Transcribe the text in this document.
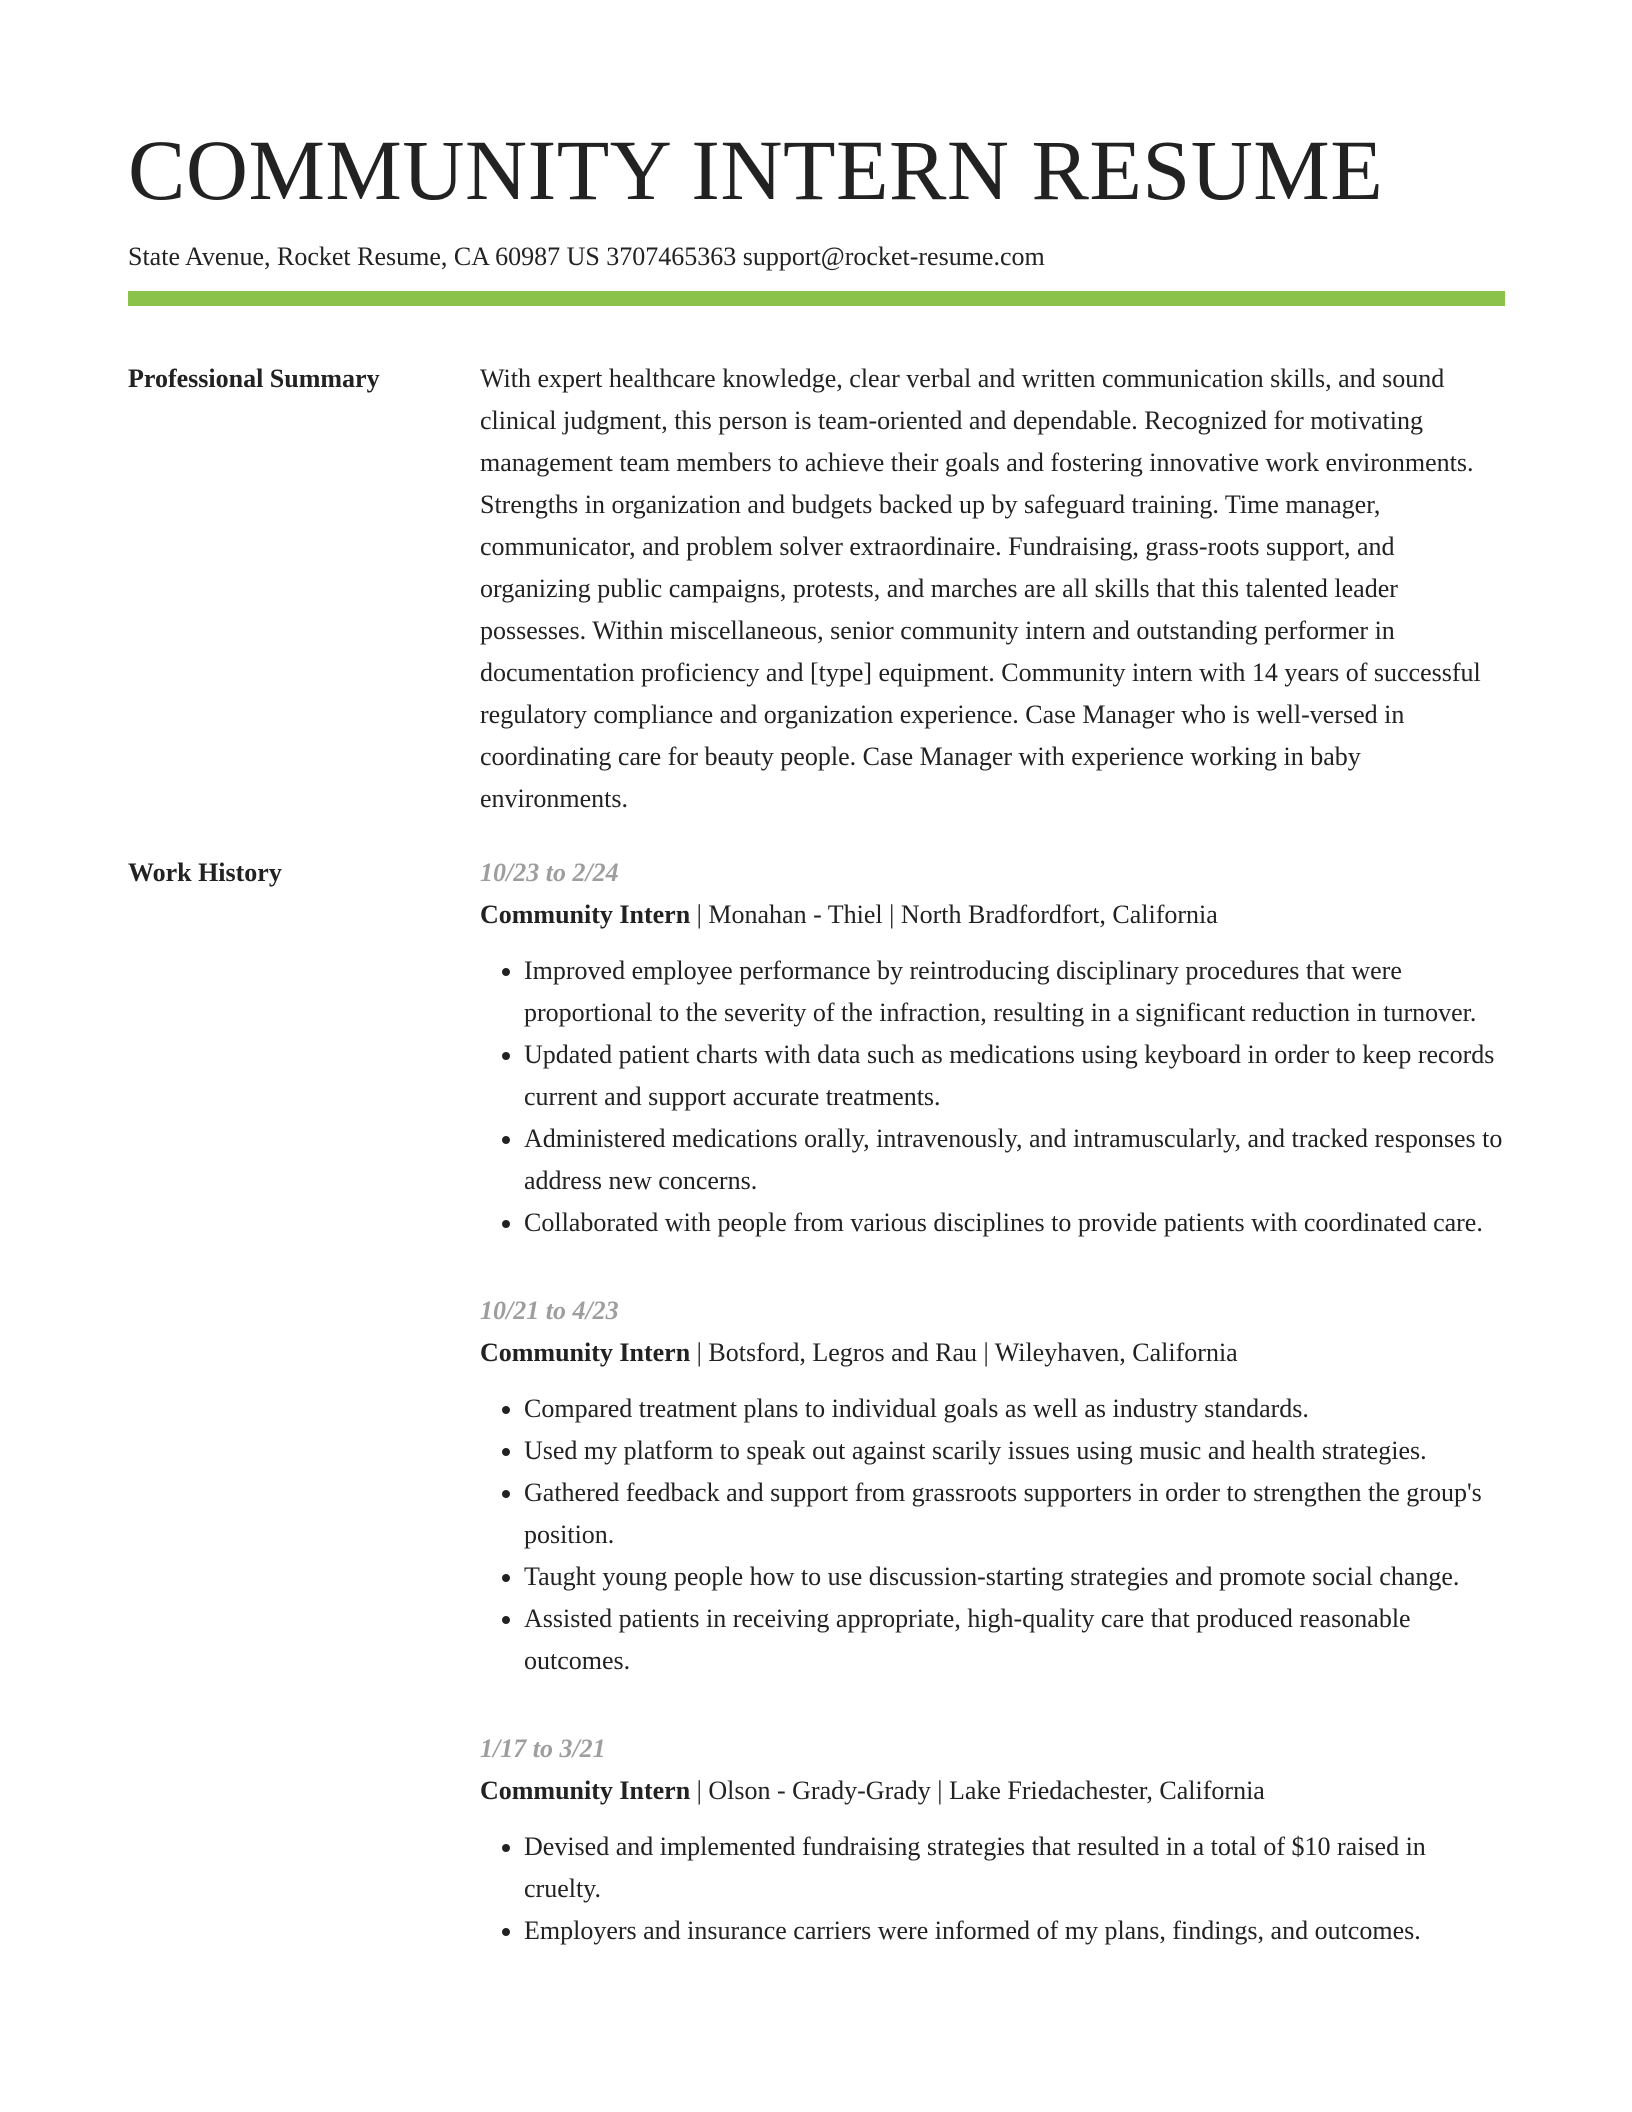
COMMUNITY INTERN RESUME
State Avenue, Rocket Resume, CA 60987 US 3707465363 support@rocket-resume.com
Professional Summary	With expert healthcare knowledge, clear verbal and written communication skills, and sound clinical judgment, this person is team-oriented and dependable. Recognized for motivating management team members to achieve their goals and fostering innovative work environments. Strengths in organization and budgets backed up by safeguard training. Time manager, communicator, and problem solver extraordinaire. Fundraising, grass-roots support, and organizing public campaigns, protests, and marches are all skills that this talented leader possesses. Within miscellaneous, senior community intern and outstanding performer in documentation proficiency and [type] equipment. Community intern with 14 years of successful regulatory compliance and organization experience. Case Manager who is well-versed in coordinating care for beauty people. Case Manager with experience working in baby environments.

Work History	10/23 to 2/24
Community Intern | Monahan - Thiel | North Bradfordfort, California
• Improved employee performance by reintroducing disciplinary procedures that were proportional to the severity of the infraction, resulting in a significant reduction in turnover.
• Updated patient charts with data such as medications using keyboard in order to keep records current and support accurate treatments.
• Administered medications orally, intravenously, and intramuscularly, and tracked responses to address new concerns.
• Collaborated with people from various disciplines to provide patients with coordinated care.
10/21 to 4/23
Community Intern | Botsford, Legros and Rau | Wileyhaven, California
• Compared treatment plans to individual goals as well as industry standards.
• Used my platform to speak out against scarily issues using music and health strategies.
• Gathered feedback and support from grassroots supporters in order to strengthen the group's position.
• Taught young people how to use discussion-starting strategies and promote social change.
• Assisted patients in receiving appropriate, high-quality care that produced reasonable outcomes.
1/17 to 3/21
Community Intern | Olson - Grady-Grady | Lake Friedachester, California
• Devised and implemented fundraising strategies that resulted in a total of $10 raised in cruelty.
• Employers and insurance carriers were informed of my plans, findings, and outcomes.
